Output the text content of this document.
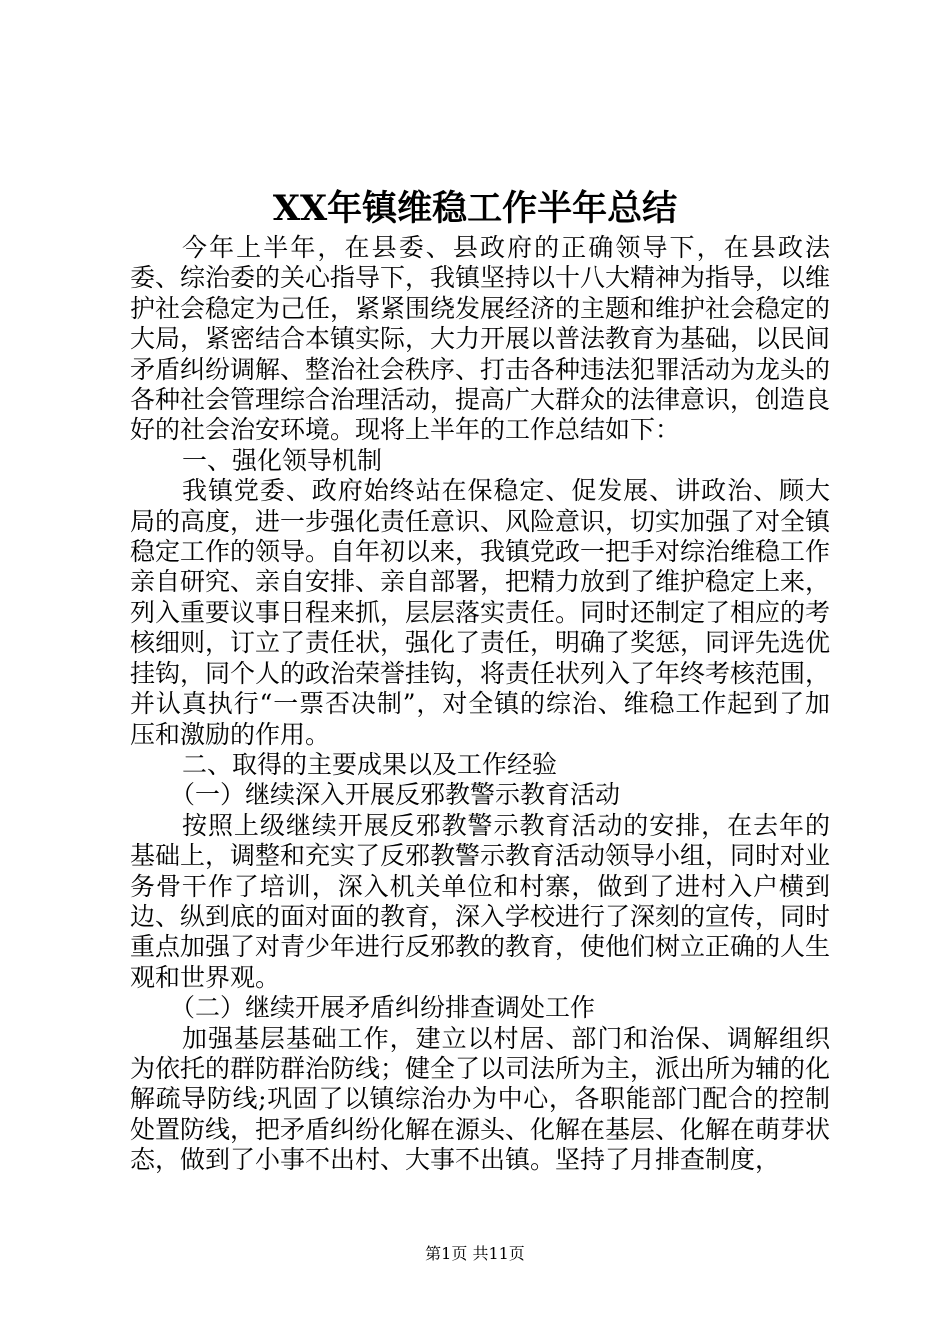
XX年镇维稳工作半年总结

今年上半年，在县委、县政府的正确领导下，在县政法委、综治委的关心指导下，我镇坚持以十八大精神为指导，以维护社会稳定为己任，紧紧围绕发展经济的主题和维护社会稳定的大局，紧密结合本镇实际，大力开展以普法教育为基础，以民间矛盾纠纷调解、整治社会秩序、打击各种违法犯罪活动为龙头的各种社会管理综合治理活动，提高广大群众的法律意识，创造良好的社会治安环境。现将上半年的工作总结如下：

一、强化领导机制

我镇党委、政府始终站在保稳定、促发展、讲政治、顾大局的高度，进一步强化责任意识、风险意识，切实加强了对全镇稳定工作的领导。自年初以来，我镇党政一把手对综治维稳工作亲自研究、亲自安排、亲自部署，把精力放到了维护稳定上来，列入重要议事日程来抓，层层落实责任。同时还制定了相应的考核细则，订立了责任状，强化了责任，明确了奖惩，同评先选优挂钩，同个人的政治荣誉挂钩，将责任状列入了年终考核范围，并认真执行“一票否决制”，对全镇的综治、维稳工作起到了加压和激励的作用。

二、取得的主要成果以及工作经验

（一）继续深入开展反邪教警示教育活动

按照上级继续开展反邪教警示教育活动的安排，在去年的基础上，调整和充实了反邪教警示教育活动领导小组，同时对业务骨干作了培训，深入机关单位和村寨，做到了进村入户横到边、纵到底的面对面的教育，深入学校进行了深刻的宣传，同时重点加强了对青少年进行反邪教的教育，使他们树立正确的人生观和世界观。

（二）继续开展矛盾纠纷排查调处工作

加强基层基础工作，建立以村居、部门和治保、调解组织为依托的群防群治防线；健全了以司法所为主，派出所为辅的化解疏导防线;巩固了以镇综治办为中心，各职能部门配合的控制处置防线，把矛盾纠纷化解在源头、化解在基层、化解在萌芽状态，做到了小事不出村、大事不出镇。坚持了月排查制度，

第1页 共11页
